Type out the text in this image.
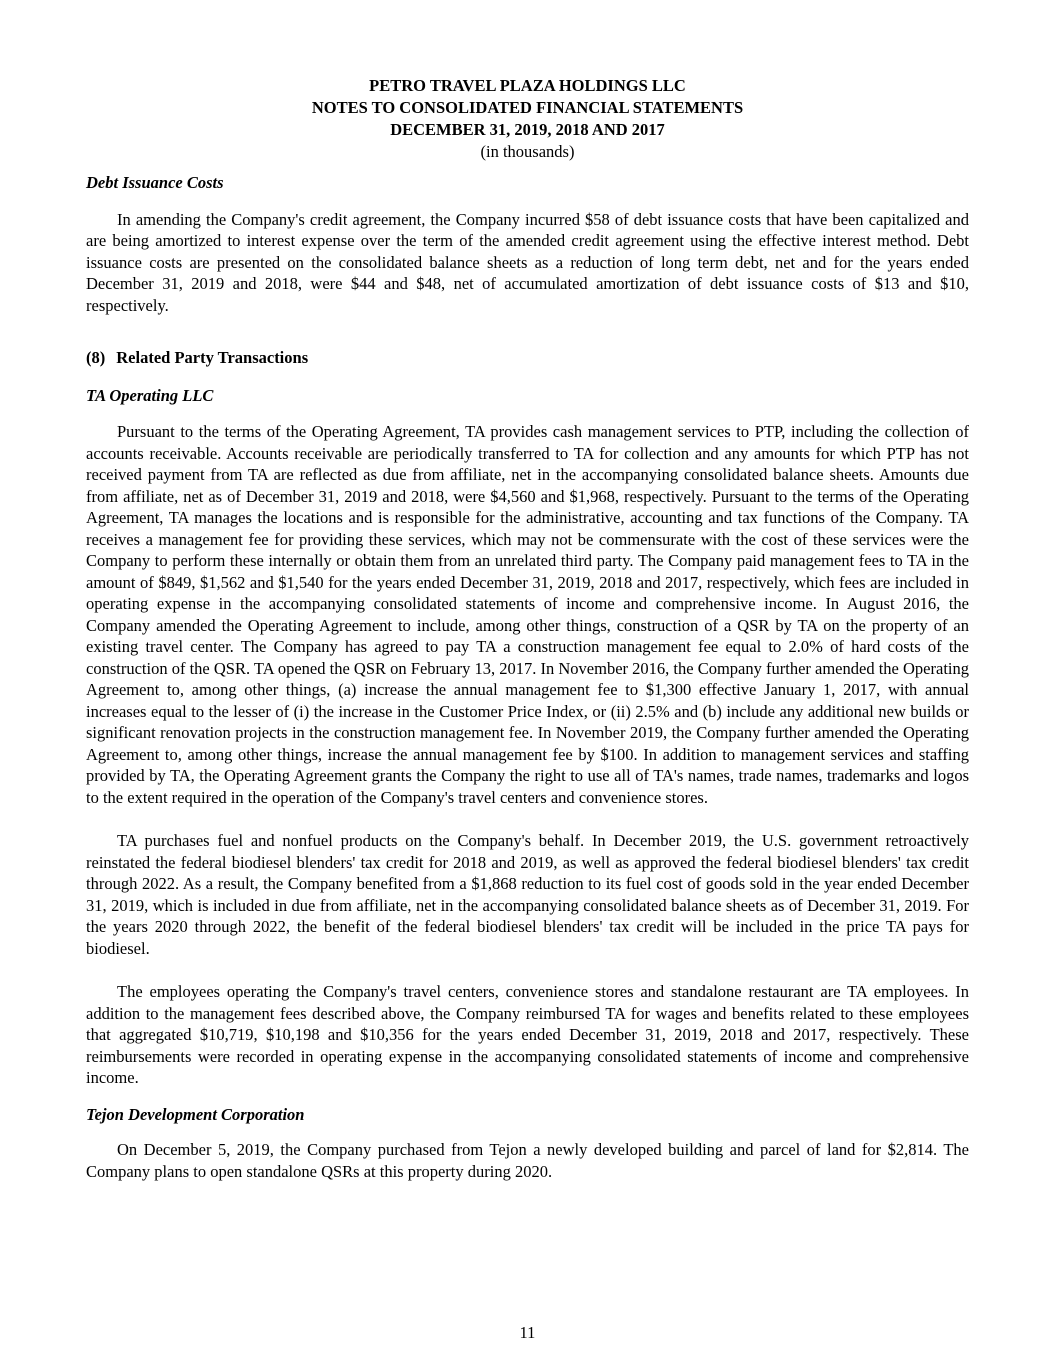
PETRO TRAVEL PLAZA HOLDINGS LLC
NOTES TO CONSOLIDATED FINANCIAL STATEMENTS
DECEMBER 31, 2019, 2018 AND 2017
(in thousands)
Debt Issuance Costs

In amending the Company's credit agreement, the Company incurred $58 of debt issuance costs that have been capitalized and are being amortized to interest expense over the term of the amended credit agreement using the effective interest method. Debt issuance costs are presented on the consolidated balance sheets as a reduction of long term debt, net and for the years ended December 31, 2019 and 2018, were $44 and $48, net of accumulated amortization of debt issuance costs of $13 and $10, respectively.

(8) Related Party Transactions
TA Operating LLC

Pursuant to the terms of the Operating Agreement, TA provides cash management services to PTP, including the collection of accounts receivable. Accounts receivable are periodically transferred to TA for collection and any amounts for which PTP has not received payment from TA are reflected as due from affiliate, net in the accompanying consolidated balance sheets. Amounts due from affiliate, net as of December 31, 2019 and 2018, were $4,560 and $1,968, respectively. Pursuant to the terms of the Operating Agreement, TA manages the locations and is responsible for the administrative, accounting and tax functions of the Company. TA receives a management fee for providing these services, which may not be commensurate with the cost of these services were the Company to perform these internally or obtain them from an unrelated third party. The Company paid management fees to TA in the amount of $849, $1,562 and $1,540 for the years ended December 31, 2019, 2018 and 2017, respectively, which fees are included in operating expense in the accompanying consolidated statements of income and comprehensive income. In August 2016, the Company amended the Operating Agreement to include, among other things, construction of a QSR by TA on the property of an existing travel center. The Company has agreed to pay TA a construction management fee equal to 2.0% of hard costs of the construction of the QSR. TA opened the QSR on February 13, 2017. In November 2016, the Company further amended the Operating Agreement to, among other things, (a) increase the annual management fee to $1,300 effective January 1, 2017, with annual increases equal to the lesser of (i) the increase in the Customer Price Index, or (ii) 2.5% and (b) include any additional new builds or significant renovation projects in the construction management fee. In November 2019, the Company further amended the Operating Agreement to, among other things, increase the annual management fee by $100. In addition to management services and staffing provided by TA, the Operating Agreement grants the Company the right to use all of TA's names, trade names, trademarks and logos to the extent required in the operation of the Company's travel centers and convenience stores.

TA purchases fuel and nonfuel products on the Company's behalf. In December 2019, the U.S. government retroactively reinstated the federal biodiesel blenders' tax credit for 2018 and 2019, as well as approved the federal biodiesel blenders' tax credit through 2022. As a result, the Company benefited from a $1,868 reduction to its fuel cost of goods sold in the year ended December 31, 2019, which is included in due from affiliate, net in the accompanying consolidated balance sheets as of December 31, 2019. For the years 2020 through 2022, the benefit of the federal biodiesel blenders' tax credit will be included in the price TA pays for biodiesel.

The employees operating the Company's travel centers, convenience stores and standalone restaurant are TA employees. In addition to the management fees described above, the Company reimbursed TA for wages and benefits related to these employees that aggregated $10,719, $10,198 and $10,356 for the years ended December 31, 2019, 2018 and 2017, respectively. These reimbursements were recorded in operating expense in the accompanying consolidated statements of income and comprehensive income.

Tejon Development Corporation

On December 5, 2019, the Company purchased from Tejon a newly developed building and parcel of land for $2,814. The Company plans to open standalone QSRs at this property during 2020.

11
